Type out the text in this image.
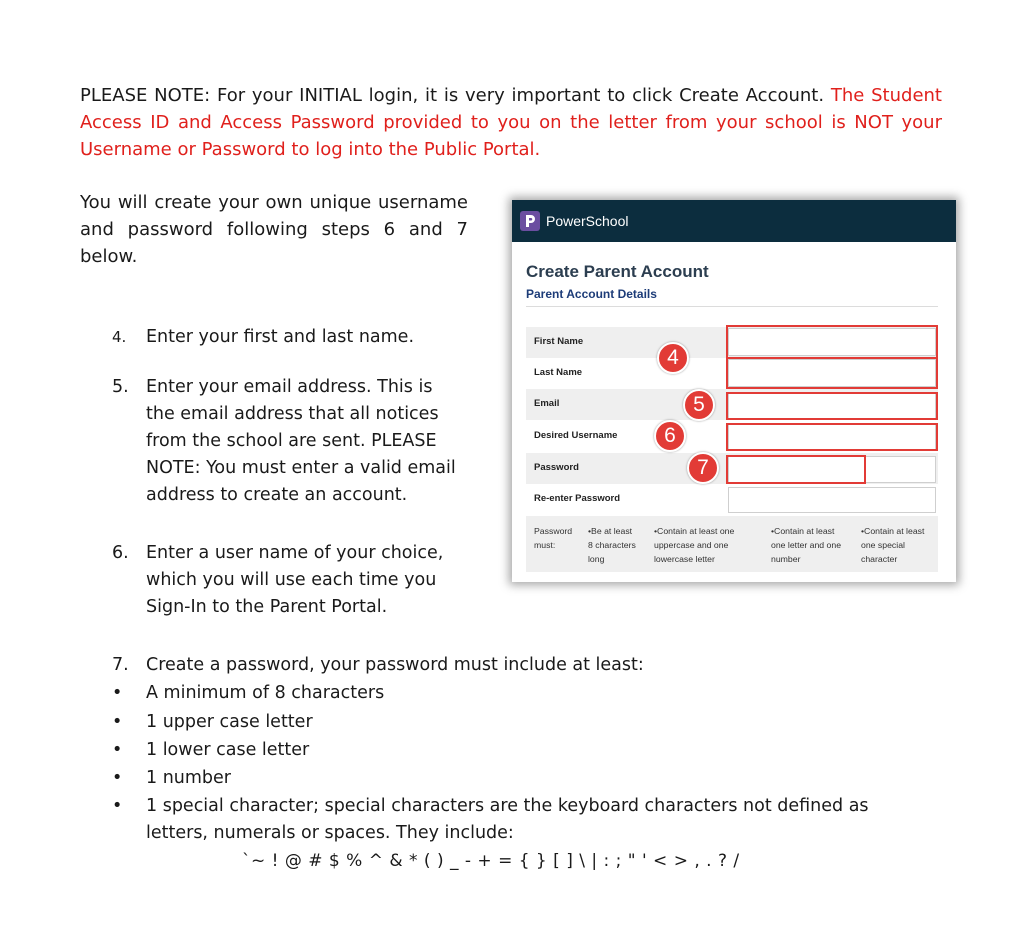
PLEASE NOTE: For your INITIAL login, it is very important to click Create Account. The Student Access ID and Access Password provided to you on the letter from your school is NOT your Username or Password to log into the Public Portal.
You will create your own unique username and password following steps 6 and 7 below.
4. Enter your first and last name.
5. Enter your email address. This is
the email address that all notices
from the school are sent. PLEASE
NOTE: You must enter a valid email
address to create an account.
6. Enter a user name of your choice,
which you will use each time you
Sign-In to the Parent Portal.
7. Create a password, your password must include at least:
• A minimum of 8 characters
• 1 upper case letter
• 1 lower case letter
• 1 number
• 1 special character; special characters are the keyboard characters not defined as
letters, numerals or spaces. They include:
`~ ! @ # $ % ^ & * ( ) _ - + = { } [ ] \ | : ; " ' < > , . ? /
PowerSchool
Create Parent Account
Parent Account Details
First Name
Last Name
Email
Desired Username
Password
Re-enter Password
4
5
6
7
Password
must:
•Be at least
8 characters
long
•Contain at least one
uppercase and one
lowercase letter
•Contain at least
one letter and one
number
•Contain at least
one special
character
